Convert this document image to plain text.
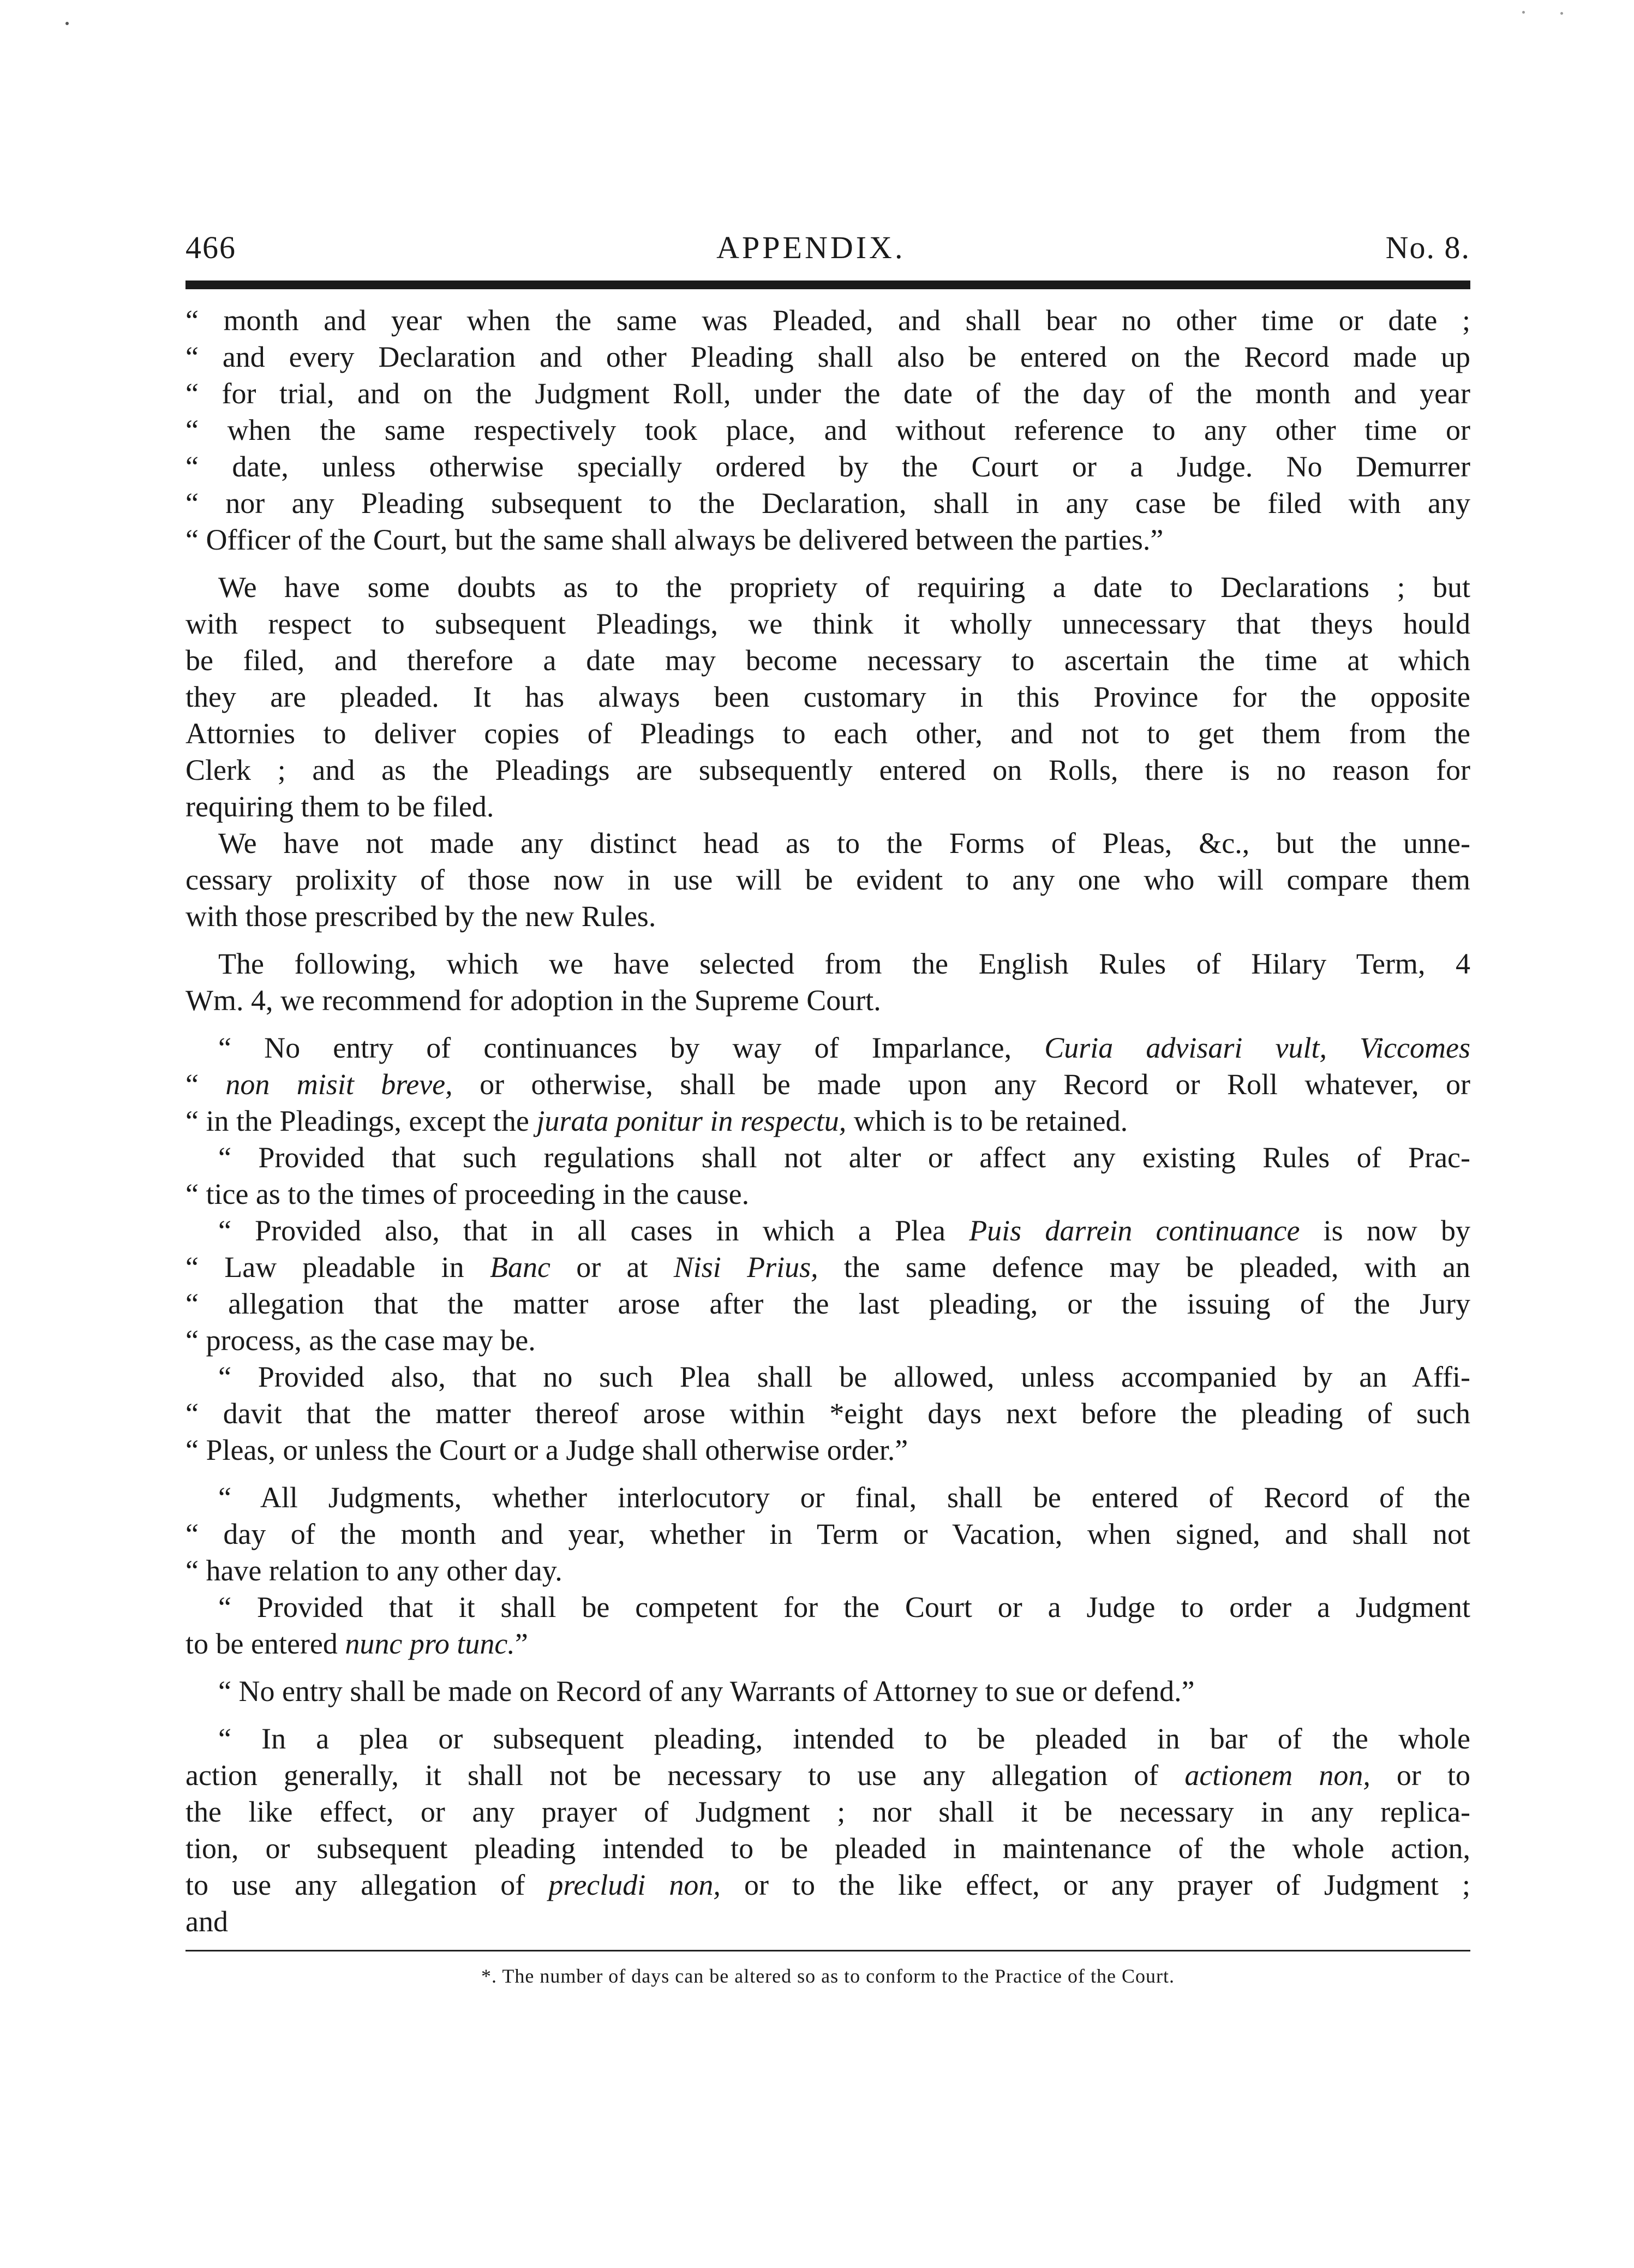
466	APPENDIX.	No. 8.
“ month and year when the same was Pleaded, and shall bear no other time or date ;
“ and every Declaration and other Pleading shall also be entered on the Record made up
“ for trial, and on the Judgment Roll, under the date of the day of the month and year
“ when the same respectively took place, and without reference to any other time or
“ date, unless otherwise specially ordered by the Court or a Judge. No Demurrer
“ nor any Pleading subsequent to the Declaration, shall in any case be filed with any
“ Officer of the Court, but the same shall always be delivered between the parties.”
We have some doubts as to the propriety of requiring a date to Declarations ; but
with respect to subsequent Pleadings, we think it wholly unnecessary that theys hould
be filed, and therefore a date may become necessary to ascertain the time at which
they are pleaded. It has always been customary in this Province for the opposite
Attornies to deliver copies of Pleadings to each other, and not to get them from the
Clerk ; and as the Pleadings are subsequently entered on Rolls, there is no reason for
requiring them to be filed.
We have not made any distinct head as to the Forms of Pleas, &c., but the unne-
cessary prolixity of those now in use will be evident to any one who will compare them
with those prescribed by the new Rules.
The following, which we have selected from the English Rules of Hilary Term, 4
Wm. 4, we recommend for adoption in the Supreme Court.
“ No entry of continuances by way of Imparlance, Curia advisari vult, Viccomes
“ non misit breve, or otherwise, shall be made upon any Record or Roll whatever, or
“ in the Pleadings, except the jurata ponitur in respectu, which is to be retained.
“ Provided that such regulations shall not alter or affect any existing Rules of Prac-
“ tice as to the times of proceeding in the cause.
“ Provided also, that in all cases in which a Plea Puis darrein continuance is now by
“ Law pleadable in Banc or at Nisi Prius, the same defence may be pleaded, with an
“ allegation that the matter arose after the last pleading, or the issuing of the Jury
“ process, as the case may be.
“ Provided also, that no such Plea shall be allowed, unless accompanied by an Affi-
“ davit that the matter thereof arose within *eight days next before the pleading of such
“ Pleas, or unless the Court or a Judge shall otherwise order.”
“ All Judgments, whether interlocutory or final, shall be entered of Record of the
“ day of the month and year, whether in Term or Vacation, when signed, and shall not
“ have relation to any other day.
“ Provided that it shall be competent for the Court or a Judge to order a Judgment
to be entered nunc pro tunc.”
“ No entry shall be made on Record of any Warrants of Attorney to sue or defend.”
“ In a plea or subsequent pleading, intended to be pleaded in bar of the whole
action generally, it shall not be necessary to use any allegation of actionem non, or to
the like effect, or any prayer of Judgment ; nor shall it be necessary in any replica-
tion, or subsequent pleading intended to be pleaded in maintenance of the whole action,
to use any allegation of precludi non, or to the like effect, or any prayer of Judgment ;
and
*. The number of days can be altered so as to conform to the Practice of the Court.
